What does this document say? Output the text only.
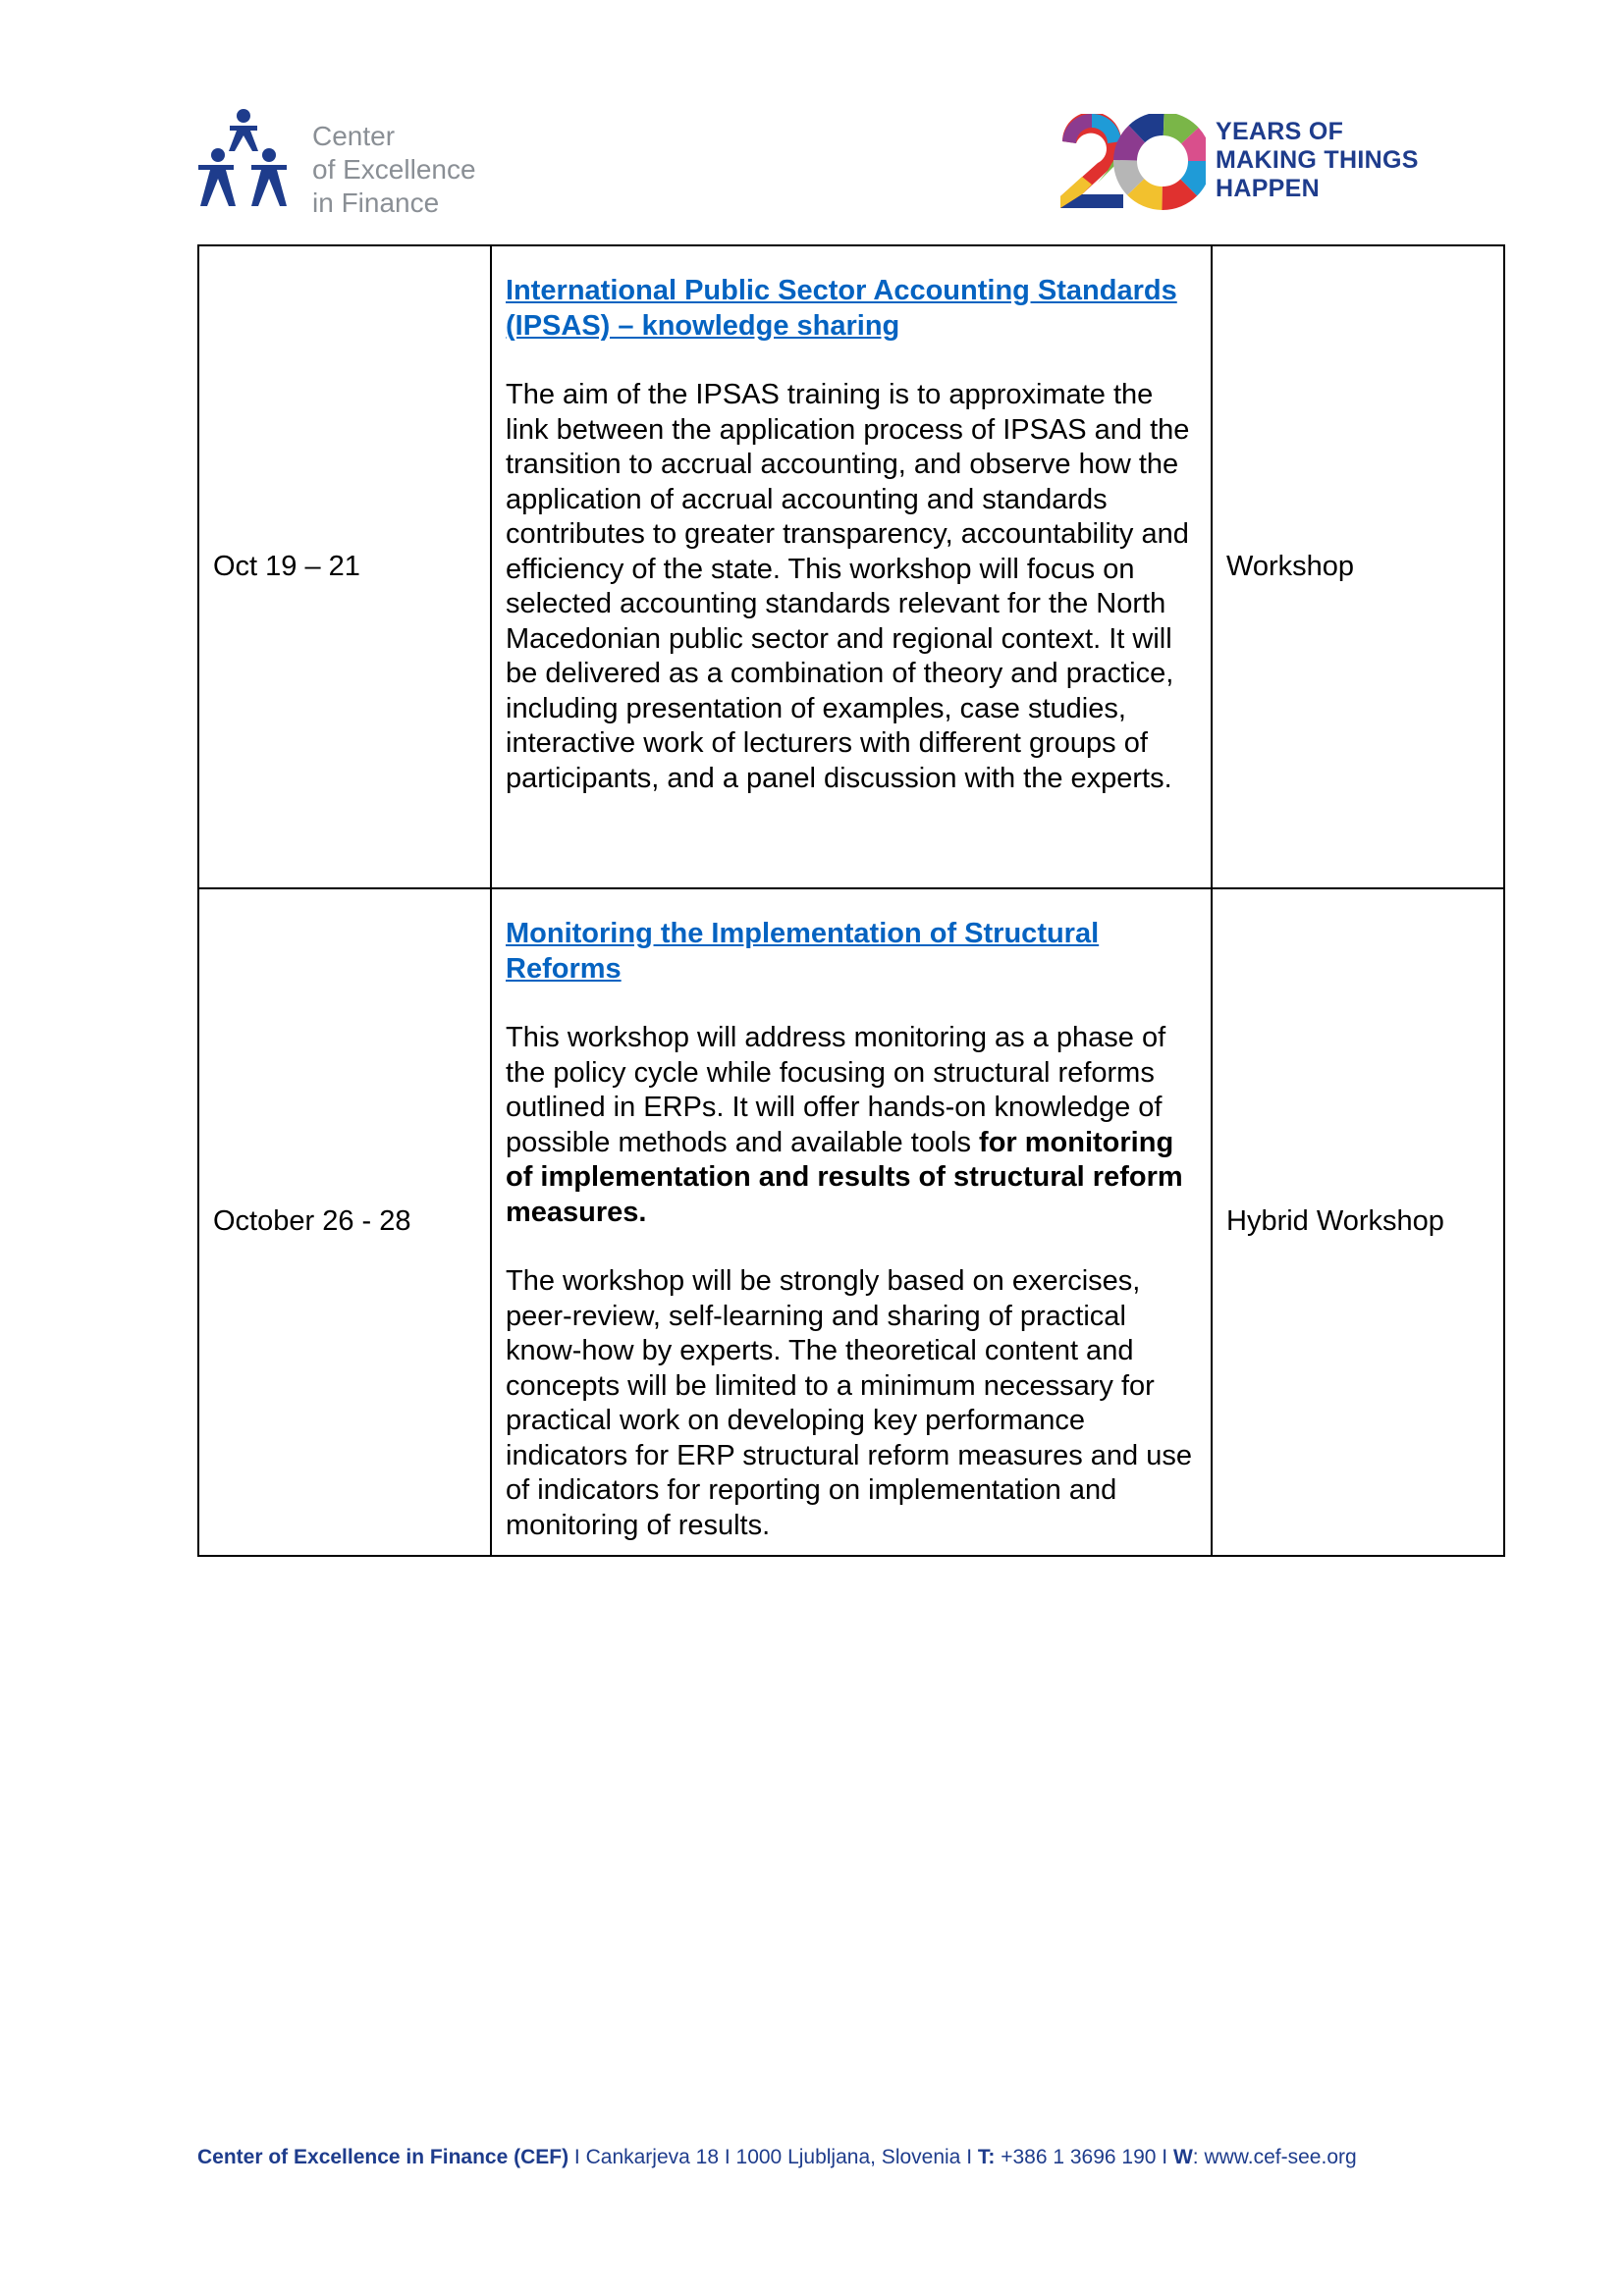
Center
of Excellence
in Finance
YEARS OF
MAKING THINGS
HAPPEN
Oct 19 – 21	International Public Sector Accounting Standards (IPSAS) – knowledge sharing
The aim of the IPSAS training is to approximate the link between the application process of IPSAS and the transition to accrual accounting, and observe how the application of accrual accounting and standards contributes to greater transparency, accountability and efficiency of the state. This workshop will focus on selected accounting standards relevant for the North Macedonian public sector and regional context. It will be delivered as a combination of theory and practice, including presentation of examples, case studies, interactive work of lecturers with different groups of participants, and a panel discussion with the experts.	Workshop
October 26 - 28	Monitoring the Implementation of Structural Reforms
This workshop will address monitoring as a phase of the policy cycle while focusing on structural reforms outlined in ERPs. It will offer hands-on knowledge of possible methods and available tools for monitoring of implementation and results of structural reform measures.
The workshop will be strongly based on exercises, peer-review, self-learning and sharing of practical know-how by experts. The theoretical content and concepts will be limited to a minimum necessary for practical work on developing key performance indicators for ERP structural reform measures and use of indicators for reporting on implementation and monitoring of results.	Hybrid Workshop
Center of Excellence in Finance (CEF) I Cankarjeva 18 I 1000 Ljubljana, Slovenia I T: +386 1 3696 190 I W: www.cef-see.org
